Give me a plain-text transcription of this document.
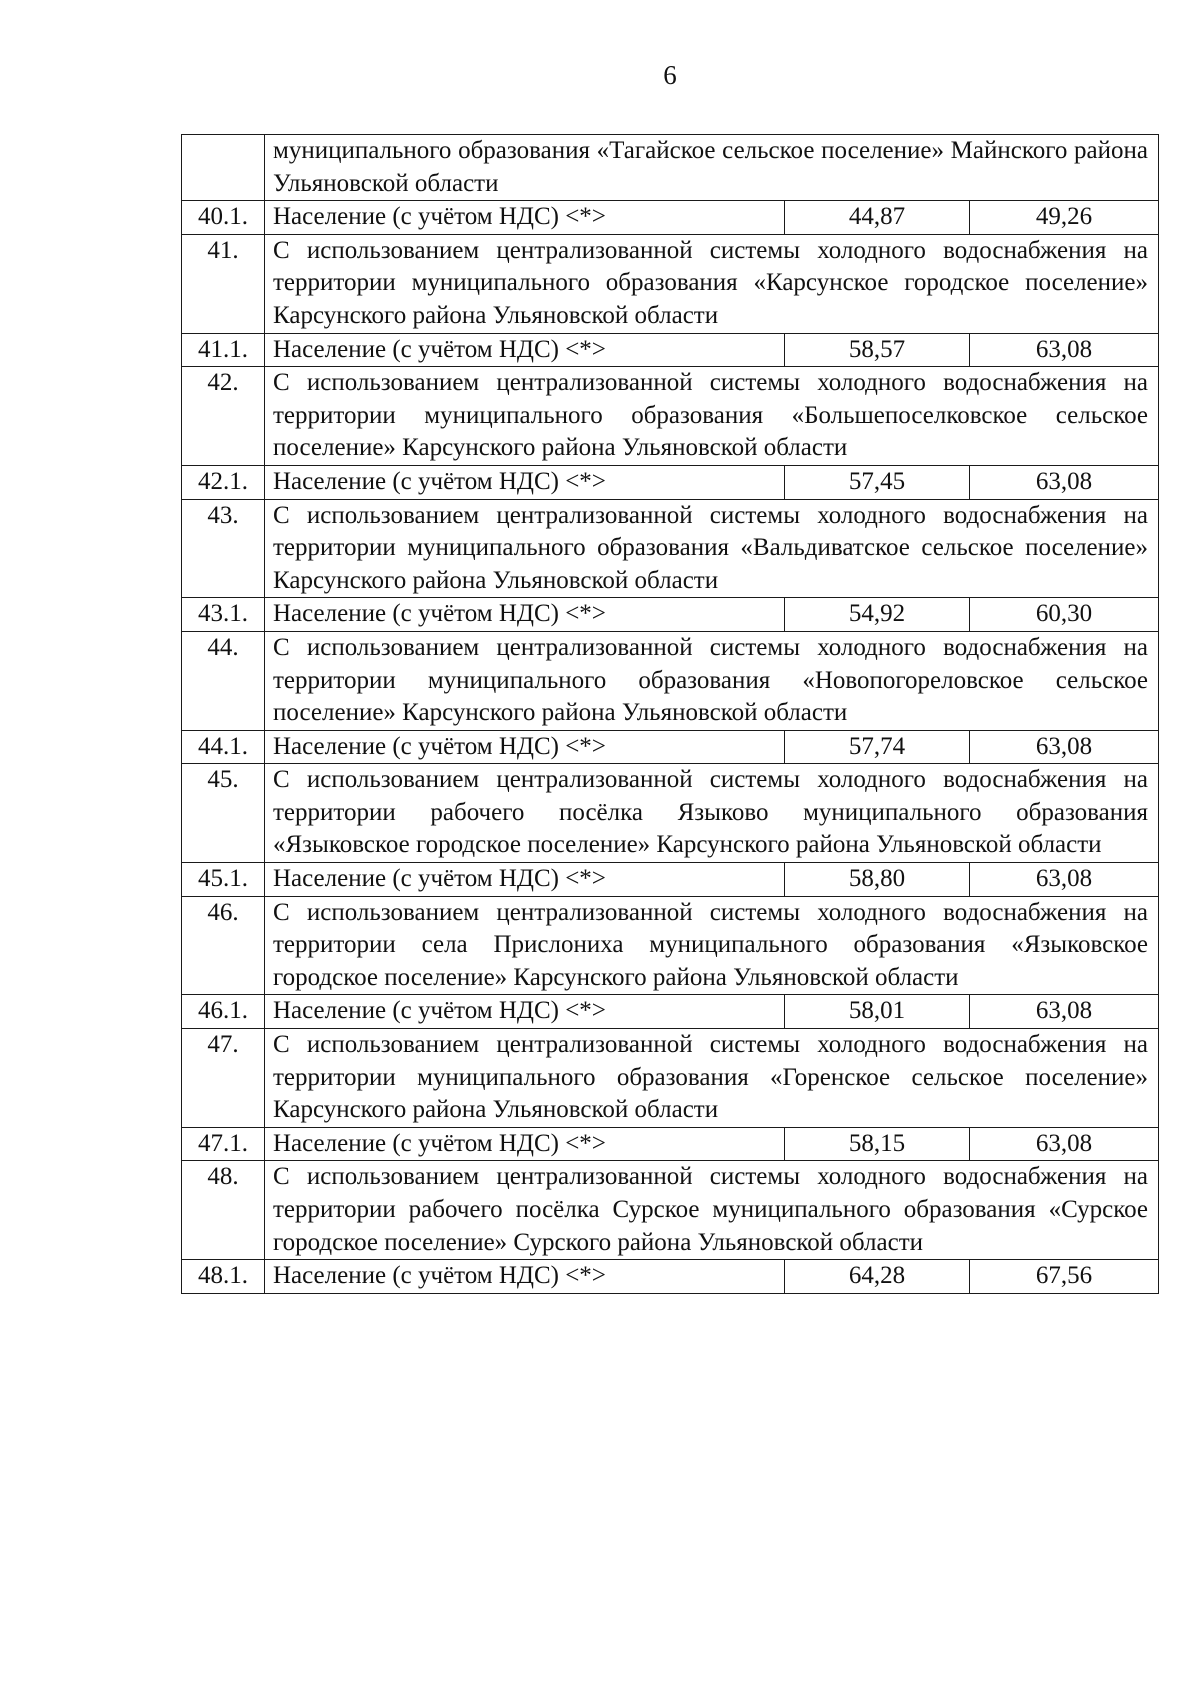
6
	муниципального образования «Тагайское сельское поселение» Майнского района Ульяновской области		
40.1.	Население (с учётом НДС) <*>	44,87	49,26
41.	С использованием централизованной системы холодного водоснабжения на территории муниципального образования «Карсунское городское поселение» Карсунского района Ульяновской области		
41.1.	Население (с учётом НДС) <*>	58,57	63,08
42.	С использованием централизованной системы холодного водоснабжения на территории муниципального образования «Большепоселковское сельское поселение» Карсунского района Ульяновской области		
42.1.	Население (с учётом НДС) <*>	57,45	63,08
43.	С использованием централизованной системы холодного водоснабжения на территории муниципального образования «Вальдиватское сельское поселение» Карсунского района Ульяновской области		
43.1.	Население (с учётом НДС) <*>	54,92	60,30
44.	С использованием централизованной системы холодного водоснабжения на территории муниципального образования «Новопогореловское сельское поселение» Карсунского района Ульяновской области		
44.1.	Население (с учётом НДС) <*>	57,74	63,08
45.	С использованием централизованной системы холодного водоснабжения на территории рабочего посёлка Языково муниципального образования «Языковское городское поселение» Карсунского района Ульяновской области		
45.1.	Население (с учётом НДС) <*>	58,80	63,08
46.	С использованием централизованной системы холодного водоснабжения на территории села Прислониха муниципального образования «Языковское городское поселение» Карсунского района Ульяновской области		
46.1.	Население (с учётом НДС) <*>	58,01	63,08
47.	С использованием централизованной системы холодного водоснабжения на территории муниципального образования «Горенское сельское поселение» Карсунского района Ульяновской области		
47.1.	Население (с учётом НДС) <*>	58,15	63,08
48.	С использованием централизованной системы холодного водоснабжения на территории рабочего посёлка Сурское муниципального образования «Сурское городское поселение» Сурского района Ульяновской области		
48.1.	Население (с учётом НДС) <*>	64,28	67,56
